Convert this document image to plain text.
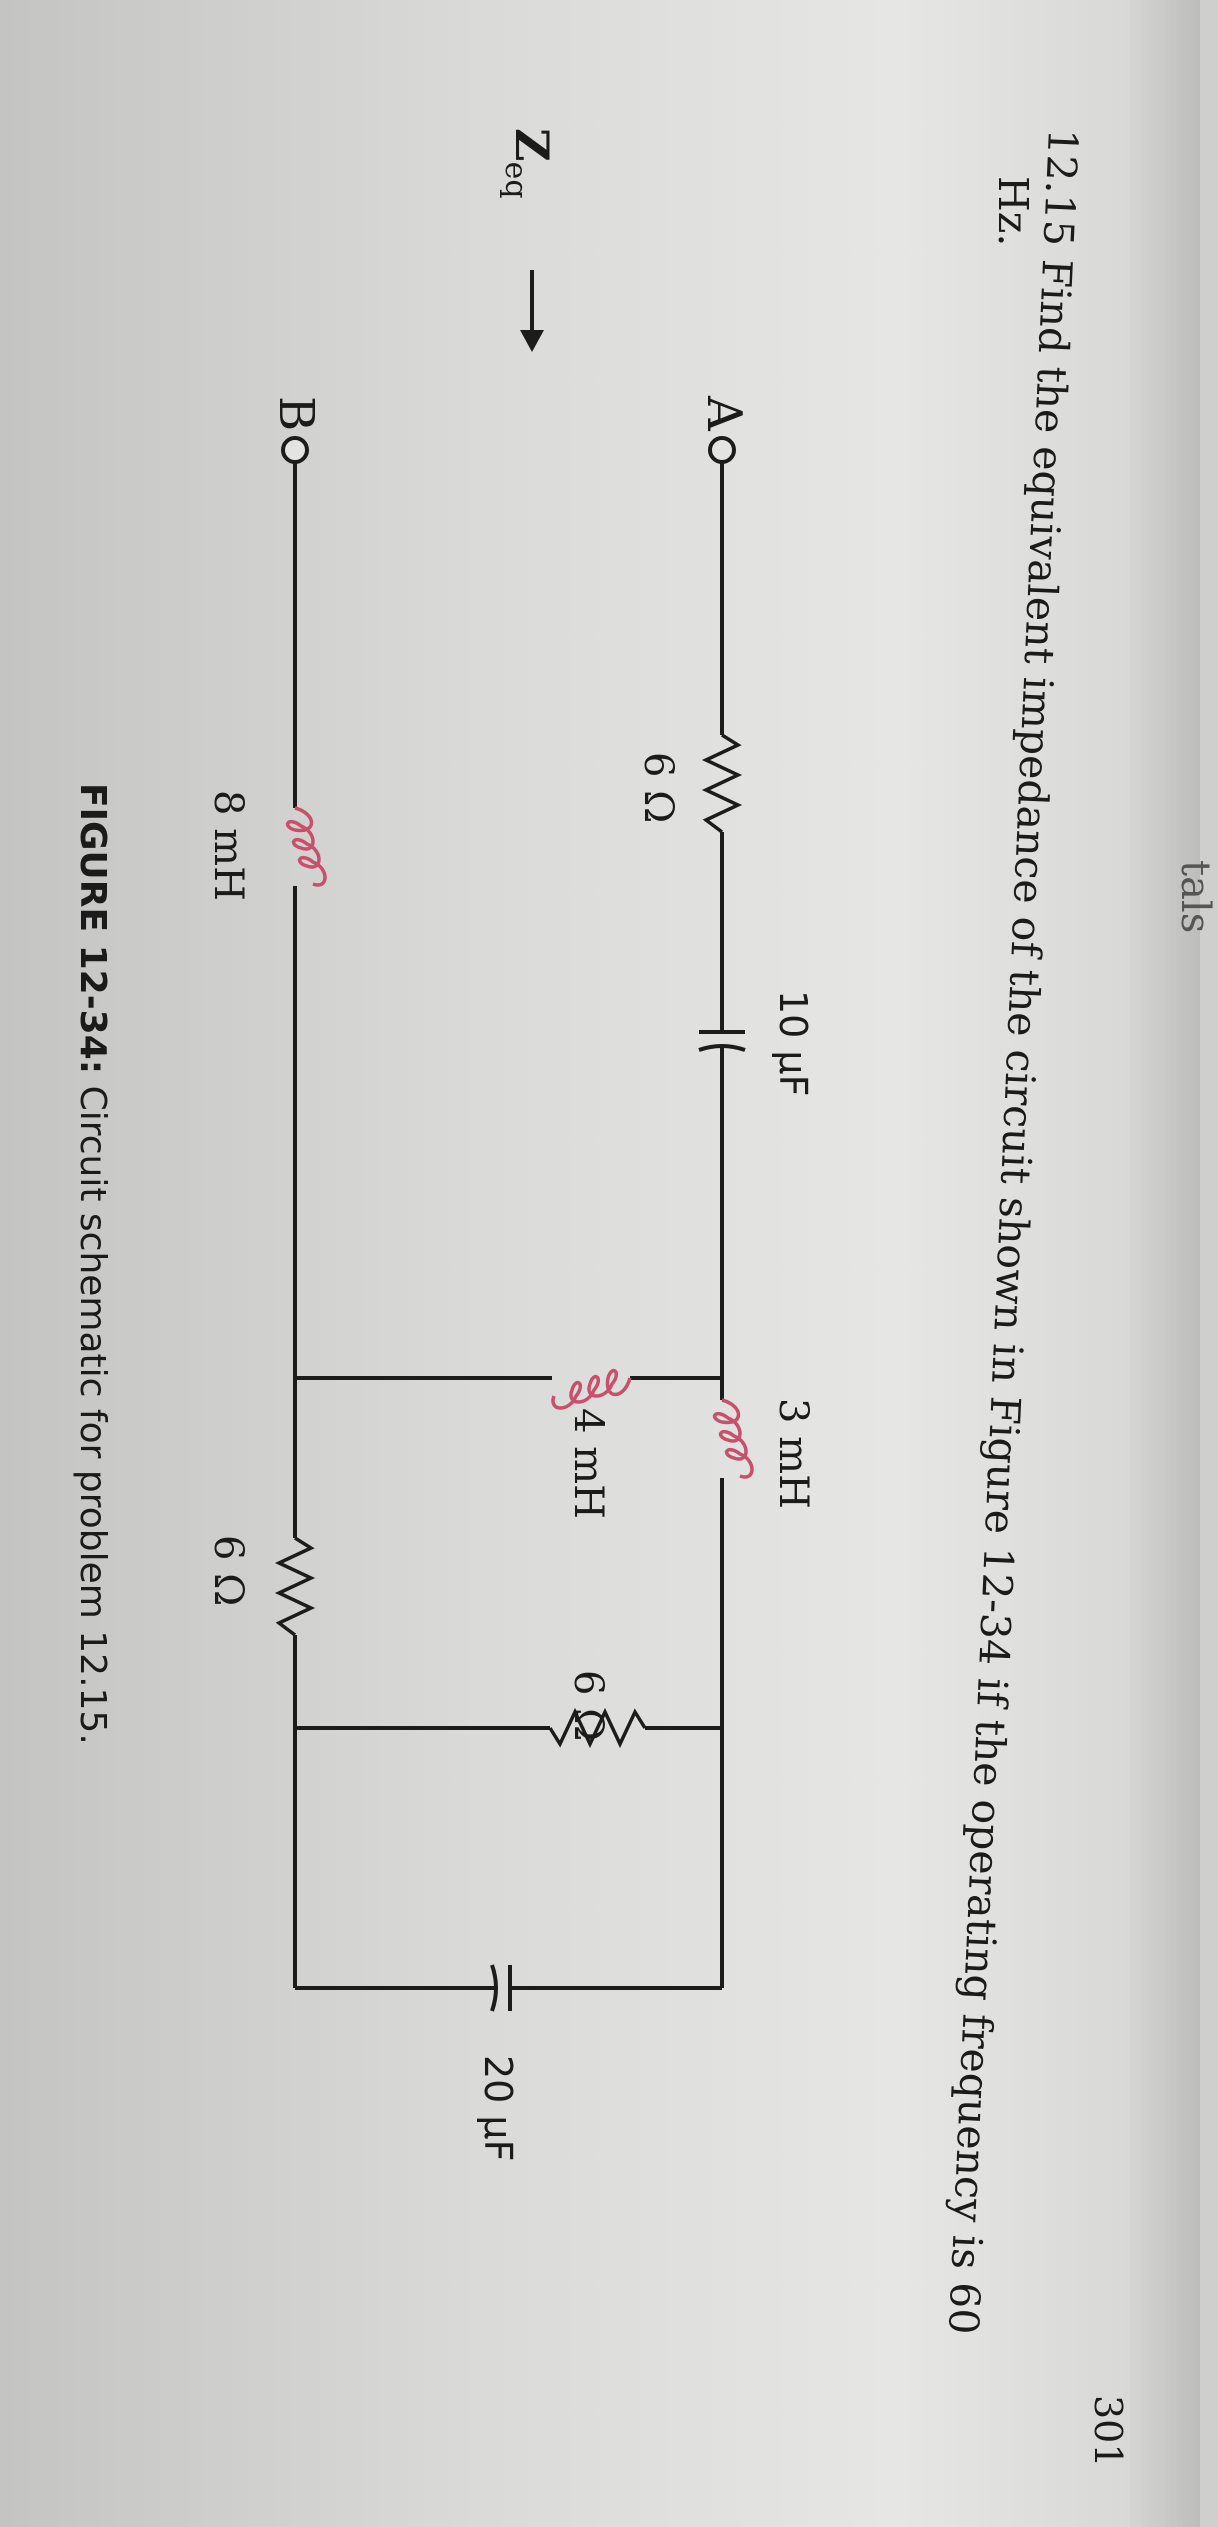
tals
301
12.15 Find the equivalent impedance of the circuit shown in Figure 12-34 if the operating frequency is 60
Hz.
A
B
$Z_{eq}$
6 Ω
10 μF
3 mH
4 mH
6 Ω
20 μF
6 Ω
8 mH
FIGURE 12-34: Circuit schematic for problem 12.15.
